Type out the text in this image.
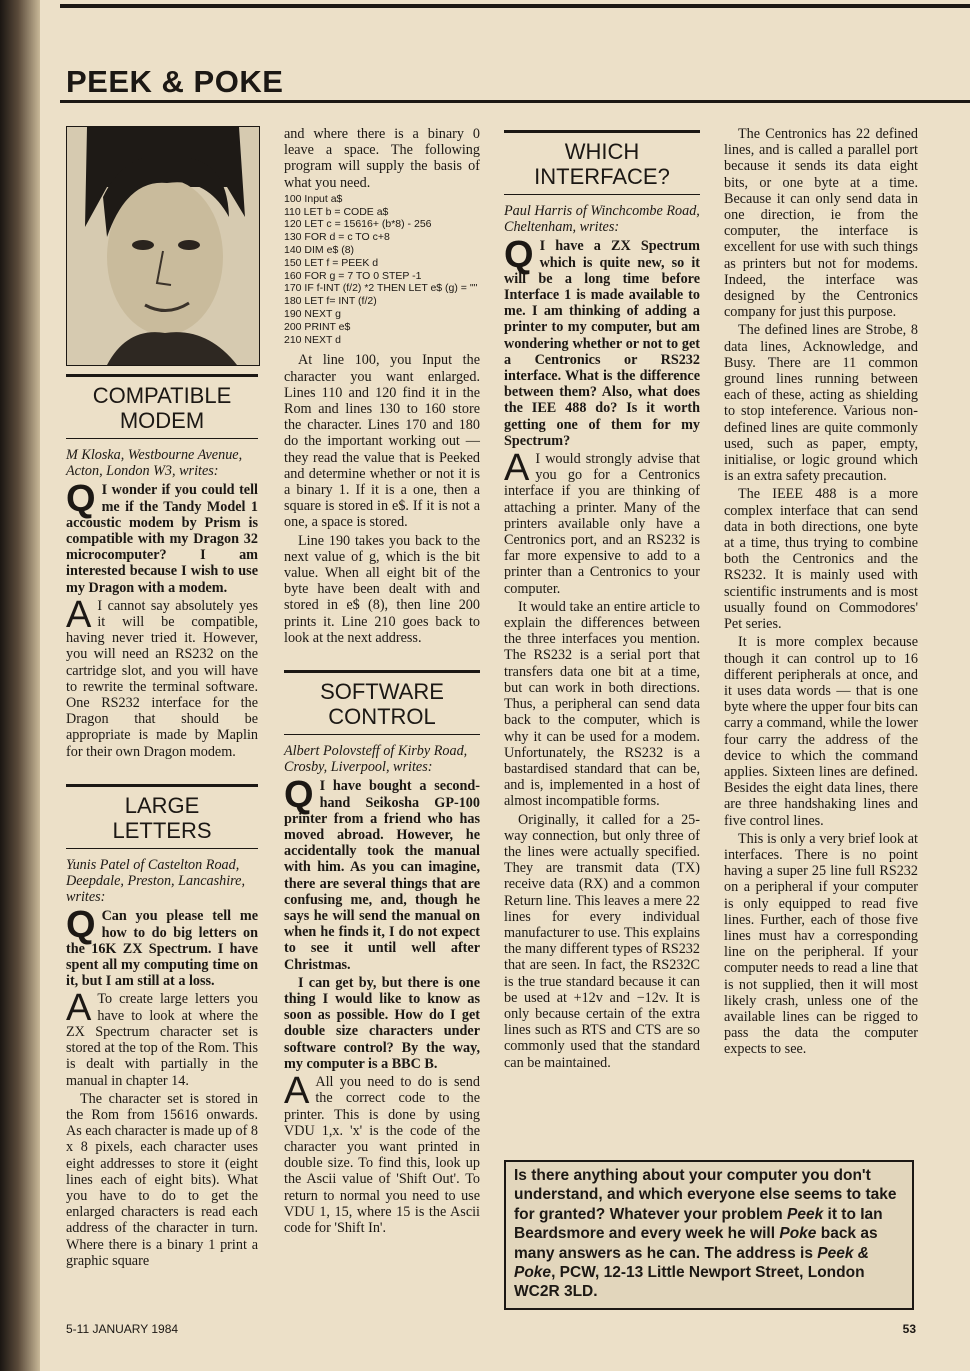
PEEK & POKE
COMPATIBLE
MODEM
M Kloska, Westbourne Avenue, Acton, London W3, writes:

Q I wonder if you could tell me if the Tandy Model 1 accoustic modem by Prism is compatible with my Dragon 32 microcomputer? I am interested because I wish to use my Dragon with a modem.

A I cannot say absolutely yes it will be compatible, having never tried it. However, you will need an RS232 on the cartridge slot, and you will have to rewrite the terminal software. One RS232 interface for the Dragon that should be appropriate is made by Maplin for their own Dragon modem.

LARGE
LETTERS
Yunis Patel of Castelton Road, Deepdale, Preston, Lancashire, writes:

Q Can you please tell me how to do big letters on the 16K ZX Spectrum. I have spent all my computing time on it, but I am still at a loss.

A To create large letters you have to look at where the ZX Spectrum character set is stored at the top of the Rom. This is dealt with partially in the manual in chapter 14.

The character set is stored in the Rom from 15616 onwards. As each character is made up of 8 x 8 pixels, each character uses eight addresses to store it (eight lines each of eight bits). What you have to do to get the enlarged characters is read each address of the character in turn. Where there is a binary 1 print a graphic square

and where there is a binary 0 leave a space. The following program will supply the basis of what you need.

100 Input a$
110 LET b = CODE a$
120 LET c = 15616+ (b*8) - 256
130 FOR d = c TO c+8
140 DIM e$ (8)
150 LET f = PEEK d
160 FOR g = 7 TO 0 STEP -1
170 IF f-INT (f/2) *2 THEN LET e$ (g) = ""
180 LET f= INT (f/2)
190 NEXT g
200 PRINT e$
210 NEXT d

At line 100, you Input the character you want enlarged. Lines 110 and 120 find it in the Rom and lines 130 to 160 store the character. Lines 170 and 180 do the important working out — they read the value that is Peeked and determine whether or not it is a binary 1. If it is a one, then a square is stored in e$. If it is not a one, a space is stored.

Line 190 takes you back to the next value of g, which is the bit value. When all eight bit of the byte have been dealt with and stored in e$ (8), then line 200 prints it. Line 210 goes back to look at the next address.

SOFTWARE
CONTROL
Albert Polovsteff of Kirby Road, Crosby, Liverpool, writes:

Q I have bought a second-hand Seikosha GP-100 printer from a friend who has moved abroad. However, he accidentally took the manual with him. As you can imagine, there are several things that are confusing me, and, though he says he will send the manual on when he finds it, I do not expect to see it until well after Christmas.

I can get by, but there is one thing I would like to know as soon as possible. How do I get double size characters under software control? By the way, my computer is a BBC B.

A All you need to do is send the correct code to the printer. This is done by using VDU 1,x. 'x' is the code of the character you want printed in double size. To find this, look up the Ascii value of 'Shift Out'. To return to normal you need to use VDU 1, 15, where 15 is the Ascii code for 'Shift In'.

WHICH
INTERFACE?
Paul Harris of Winchcombe Road, Cheltenham, writes:

Q I have a ZX Spectrum which is quite new, so it will be a long time before Interface 1 is made available to me. I am thinking of adding a printer to my computer, but am wondering whether or not to get a Centronics or RS232 interface. What is the difference between them? Also, what does the IEE 488 do? Is it worth getting one of them for my Spectrum?

A I would strongly advise that you go for a Centronics interface if you are thinking of attaching a printer. Many of the printers available only have a Centronics port, and an RS232 is far more expensive to add to a printer than a Centronics to your computer.

It would take an entire article to explain the differences between the three interfaces you mention. The RS232 is a serial port that transfers data one bit at a time, but can work in both directions. Thus, a peripheral can send data back to the computer, which is why it can be used for a modem. Unfortunately, the RS232 is a bastardised standard that can be, and is, implemented in a host of almost incompatible forms.

Originally, it called for a 25-way connection, but only three of the lines were actually specified. They are transmit data (TX) receive data (RX) and a common Return line. This leaves a mere 22 lines for every individual manufacturer to use. This explains the many different types of RS232 that are seen. In fact, the RS232C is the true standard because it can be used at +12v and −12v. It is only because certain of the extra lines such as RTS and CTS are so commonly used that the standard can be maintained.

The Centronics has 22 defined lines, and is called a parallel port because it sends its data eight bits, or one byte at a time. Because it can only send data in one direction, ie from the computer, the interface is excellent for use with such things as printers but not for modems. Indeed, the interface was designed by the Centronics company for just this purpose.

The defined lines are Strobe, 8 data lines, Acknowledge, and Busy. There are 11 common ground lines running between each of these, acting as shielding to stop inteference. Various non-defined lines are quite commonly used, such as paper, empty, initialise, or logic ground which is an extra safety precaution.

The IEEE 488 is a more complex interface that can send data in both directions, one byte at a time, thus trying to combine both the Centronics and the RS232. It is mainly used with scientific instruments and is most usually found on Commodores' Pet series.

It is more complex because though it can control up to 16 different peripherals at once, and it uses data words — that is one byte where the upper four bits can carry a command, while the lower four carry the address of the device to which the command applies. Sixteen lines are defined. Besides the eight data lines, there are three handshaking lines and five control lines.

This is only a very brief look at interfaces. There is no point having a super 25 line full RS232 on a peripheral if your computer is only equipped to read five lines. Further, each of those five lines must hav a corresponding line on the peripheral. If your computer needs to read a line that is not supplied, then it will most likely crash, unless one of the available lines can be rigged to pass the data the computer expects to see.

Is there anything about your computer you don't understand, and which everyone else seems to take for granted? Whatever your problem Peek it to Ian Beardsmore and every week he will Poke back as many answers as he can. The address is Peek & Poke, PCW, 12-13 Little Newport Street, London WC2R 3LD.
5-11 JANUARY 1984	53
